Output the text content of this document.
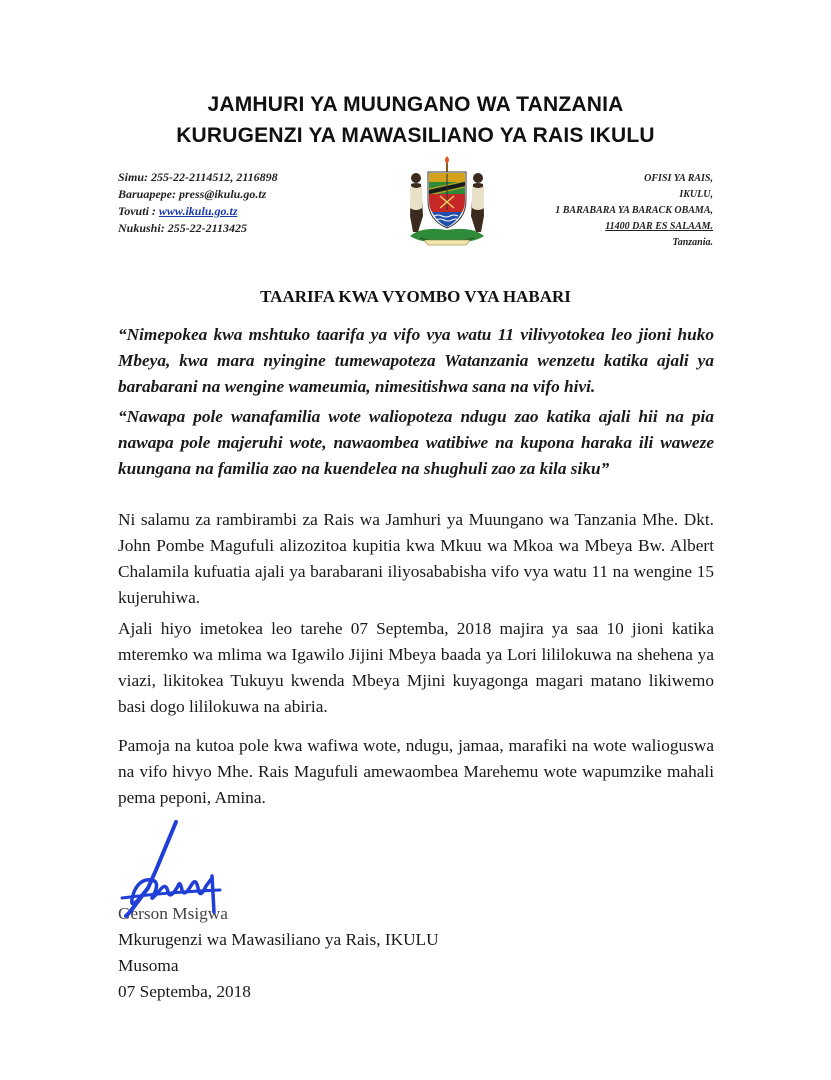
JAMHURI YA MUUNGANO WA TANZANIA
KURUGENZI YA MAWASILIANO YA RAIS IKULU
Simu: 255-22-2114512, 2116898
Baruapepe: press@ikulu.go.tz
Tovuti : www.ikulu.go.tz
Nukushi: 255-22-2113425
OFISI YA RAIS,
IKULU,
1 BARABARA YA BARACK OBAMA,
11400 DAR ES SALAAM.
Tanzania.
TAARIFA KWA VYOMBO VYA HABARI

“Nimepokea kwa mshtuko taarifa ya vifo vya watu 11 vilivyotokea leo jioni huko Mbeya, kwa mara nyingine tumewapoteza Watanzania wenzetu katika ajali ya barabarani na wengine wameumia, nimesitishwa sana na vifo hivi.

“Nawapa pole wanafamilia wote waliopoteza ndugu zao katika ajali hii na pia nawapa pole majeruhi wote, nawaombea watibiwe na kupona haraka ili waweze kuungana na familia zao na kuendelea na shughuli zao za kila siku”

Ni salamu za rambirambi za Rais wa Jamhuri ya Muungano wa Tanzania Mhe. Dkt. John Pombe Magufuli alizozitoa kupitia kwa Mkuu wa Mkoa wa Mbeya Bw. Albert Chalamila kufuatia ajali ya barabarani iliyosababisha vifo vya watu 11 na wengine 15 kujeruhiwa.

Ajali hiyo imetokea leo tarehe 07 Septemba, 2018 majira ya saa 10 jioni katika mteremko wa mlima wa Igawilo Jijini Mbeya baada ya Lori lililokuwa na shehena ya viazi, likitokea Tukuyu kwenda Mbeya Mjini kuyagonga magari matano likiwemo basi dogo lililokuwa na abiria.

Pamoja na kutoa pole kwa wafiwa wote, ndugu, jamaa, marafiki na wote walioguswa na vifo hivyo Mhe. Rais Magufuli amewaombea Marehemu wote wapumzike mahali pema peponi, Amina.

Gerson Msigwa
Mkurugenzi wa Mawasiliano ya Rais, IKULU
Musoma
07 Septemba, 2018
